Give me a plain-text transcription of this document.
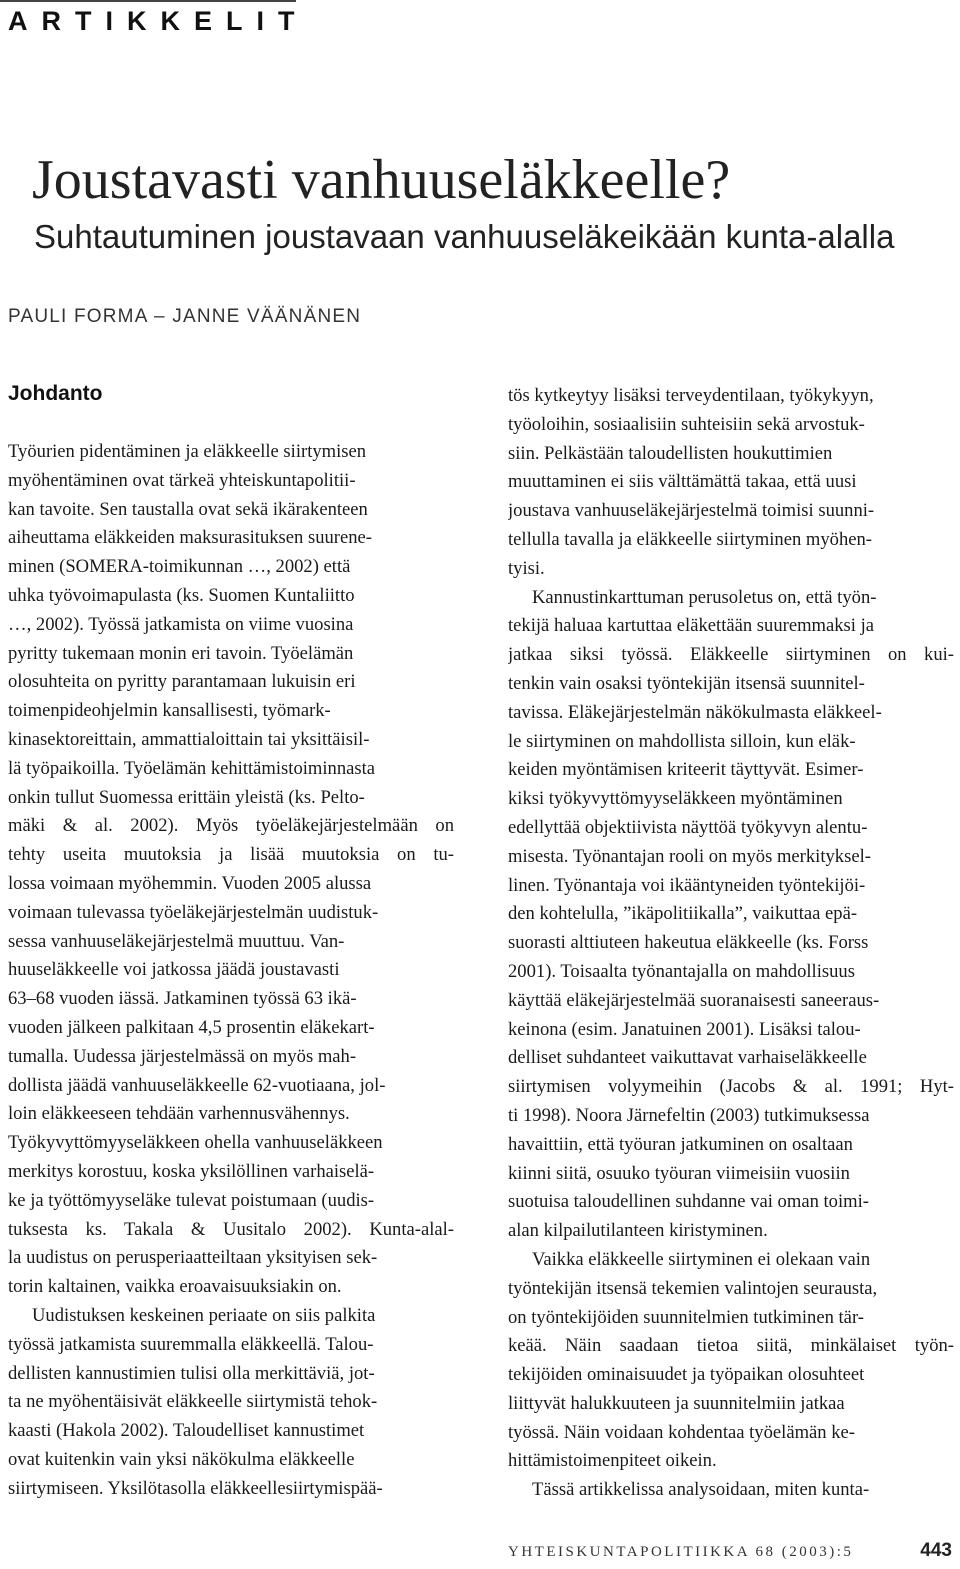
ARTIKKELIT
Joustavasti vanhuuseläkkeelle?
Suhtautuminen joustavaan vanhuuseläkeikään kunta-alalla
PAULI FORMA – JANNE VÄÄNÄNEN
Johdanto
Työurien pidentäminen ja eläkkeelle siirtymisen
myöhentäminen ovat tärkeä yhteiskuntapolitii-
kan tavoite. Sen taustalla ovat sekä ikärakenteen
aiheuttama eläkkeiden maksurasituksen suurene-
minen (SOMERA-toimikunnan …, 2002) että
uhka työvoimapulasta (ks. Suomen Kuntaliitto
…, 2002). Työssä jatkamista on viime vuosina
pyritty tukemaan monin eri tavoin. Työelämän
olosuhteita on pyritty parantamaan lukuisin eri
toimenpideohjelmin kansallisesti, työmark-
kinasektoreittain, ammattialoittain tai yksittäisil-
lä työpaikoilla. Työelämän kehittämistoiminnasta
onkin tullut Suomessa erittäin yleistä (ks. Pelto-
mäki & al. 2002). Myös työeläkejärjestelmään on
tehty useita muutoksia ja lisää muutoksia on tu-
lossa voimaan myöhemmin. Vuoden 2005 alussa
voimaan tulevassa työeläkejärjestelmän uudistuk-
sessa vanhuuseläkejärjestelmä muuttuu. Van-
huuseläkkeelle voi jatkossa jäädä joustavasti
63–68 vuoden iässä. Jatkaminen työssä 63 ikä-
vuoden jälkeen palkitaan 4,5 prosentin eläkekart-
tumalla. Uudessa järjestelmässä on myös mah-
dollista jäädä vanhuuseläkkeelle 62-vuotiaana, jol-
loin eläkkeeseen tehdään varhennusvähennys.
Työkyvyttömyyseläkkeen ohella vanhuuseläkkeen
merkitys korostuu, koska yksilöllinen varhaiselä-
ke ja työttömyyseläke tulevat poistumaan (uudis-
tuksesta ks. Takala & Uusitalo 2002). Kunta-alal-
la uudistus on perusperiaatteiltaan yksityisen sek-
torin kaltainen, vaikka eroavaisuuksiakin on.
Uudistuksen keskeinen periaate on siis palkita
työssä jatkamista suuremmalla eläkkeellä. Talou-
dellisten kannustimien tulisi olla merkittäviä, jot-
ta ne myöhentäisivät eläkkeelle siirtymistä tehok-
kaasti (Hakola 2002). Taloudelliset kannustimet
ovat kuitenkin vain yksi näkökulma eläkkeelle
siirtymiseen. Yksilötasolla eläkkeellesiirtymispää-
tös kytkeytyy lisäksi terveydentilaan, työkykyyn,
työoloihin, sosiaalisiin suhteisiin sekä arvostuk-
siin. Pelkästään taloudellisten houkuttimien
muuttaminen ei siis välttämättä takaa, että uusi
joustava vanhuuseläkejärjestelmä toimisi suunni-
tellulla tavalla ja eläkkeelle siirtyminen myöhen-
tyisi.
Kannustinkarttuman perusoletus on, että työn-
tekijä haluaa kartuttaa eläkettään suuremmaksi ja
jatkaa siksi työssä. Eläkkeelle siirtyminen on kui-
tenkin vain osaksi työntekijän itsensä suunnitel-
tavissa. Eläkejärjestelmän näkökulmasta eläkkeel-
le siirtyminen on mahdollista silloin, kun eläk-
keiden myöntämisen kriteerit täyttyvät. Esimer-
kiksi työkyvyttömyyseläkkeen myöntäminen
edellyttää objektiivista näyttöä työkyvyn alentu-
misesta. Työnantajan rooli on myös merkityksel-
linen. Työnantaja voi ikääntyneiden työntekijöi-
den kohtelulla, ”ikäpolitiikalla”, vaikuttaa epä-
suorasti alttiuteen hakeutua eläkkeelle (ks. Forss
2001). Toisaalta työnantajalla on mahdollisuus
käyttää eläkejärjestelmää suoranaisesti saneeraus-
keinona (esim. Janatuinen 2001). Lisäksi talou-
delliset suhdanteet vaikuttavat varhaiseläkkeelle
siirtymisen volyymeihin (Jacobs & al. 1991; Hyt-
ti 1998). Noora Järnefeltin (2003) tutkimuksessa
havaittiin, että työuran jatkuminen on osaltaan
kiinni siitä, osuuko työuran viimeisiin vuosiin
suotuisa taloudellinen suhdanne vai oman toimi-
alan kilpailutilanteen kiristyminen.
Vaikka eläkkeelle siirtyminen ei olekaan vain
työntekijän itsensä tekemien valintojen seurausta,
on työntekijöiden suunnitelmien tutkiminen tär-
keää. Näin saadaan tietoa siitä, minkälaiset työn-
tekijöiden ominaisuudet ja työpaikan olosuhteet
liittyvät halukkuuteen ja suunnitelmiin jatkaa
työssä. Näin voidaan kohdentaa työelämän ke-
hittämistoimenpiteet oikein.
Tässä artikkelissa analysoidaan, miten kunta-
YHTEISKUNTAPOLITIIKKA 68 (2003):5	443
